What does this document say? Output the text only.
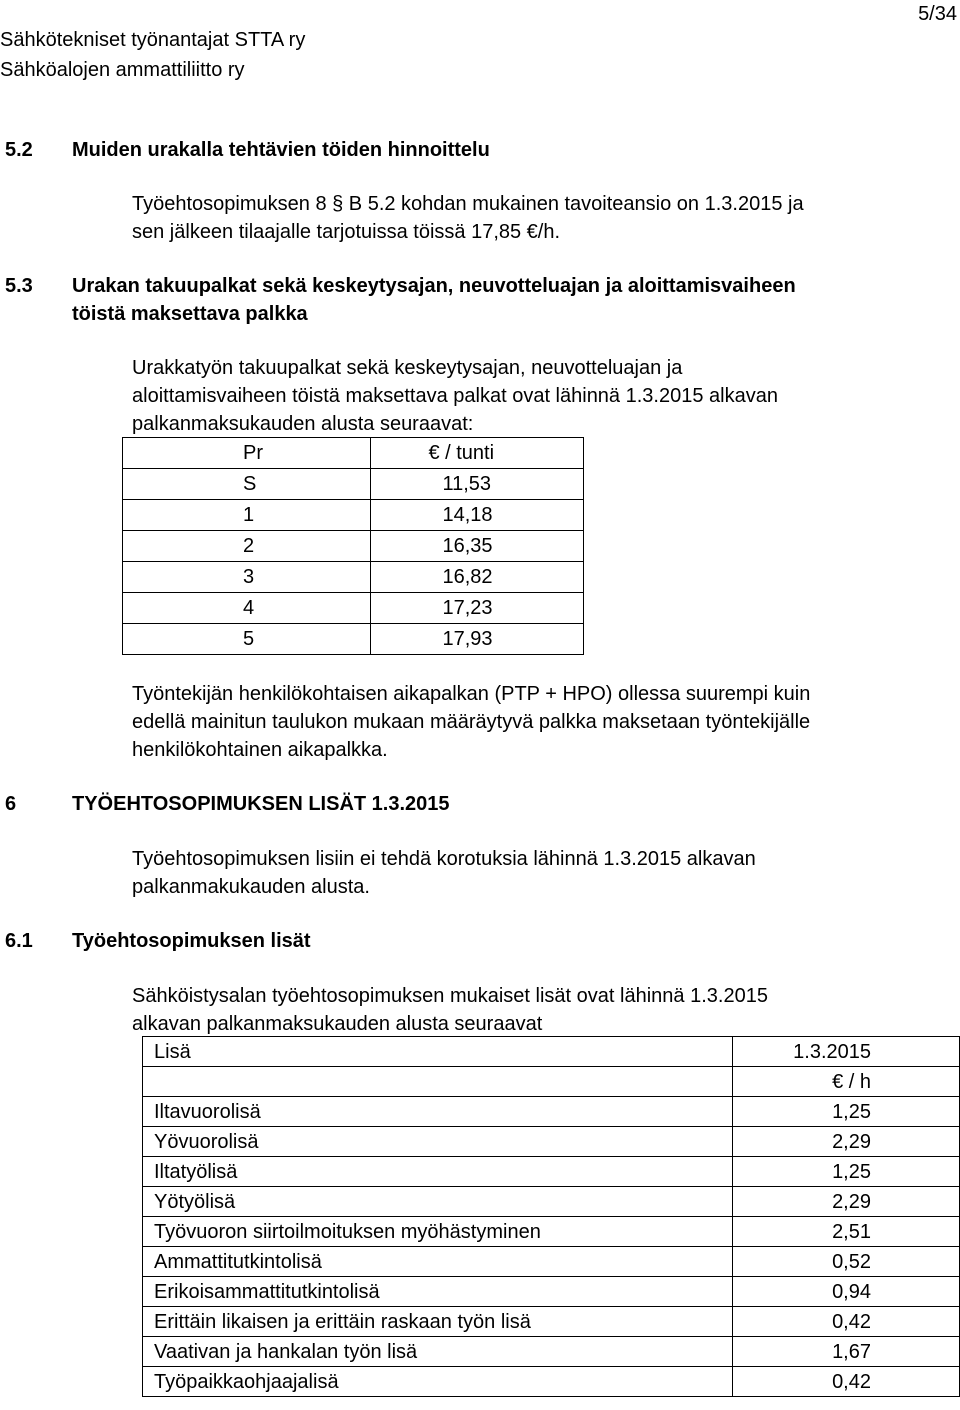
Sähkötekniset työnantajat STTA ry
Sähköalojen ammattiliitto ry
5/34
5.2 Muiden urakalla tehtävien töiden hinnoittelu
Työehtosopimuksen 8 § B 5.2 kohdan mukainen tavoiteansio on 1.3.2015 ja
sen jälkeen tilaajalle tarjotuissa töissä 17,85 €/h.
5.3 Urakan takuupalkat sekä keskeytysajan, neuvotteluajan ja aloittamisvaiheen
töistä maksettava palkka
Urakkatyön takuupalkat sekä keskeytysajan, neuvotteluajan ja
aloittamisvaiheen töistä maksettava palkat ovat lähinnä 1.3.2015 alkavan
palkanmaksukauden alusta seuraavat:
Pr	€ / tunti
S	11,53
1	14,18
2	16,35
3	16,82
4	17,23
5	17,93
Työntekijän henkilökohtaisen aikapalkan (PTP + HPO) ollessa suurempi kuin
edellä mainitun taulukon mukaan määräytyvä palkka maksetaan työntekijälle
henkilökohtainen aikapalkka.
6	TYÖEHTOSOPIMUKSEN LISÄT 1.3.2015
Työehtosopimuksen lisiin ei tehdä korotuksia lähinnä 1.3.2015 alkavan
palkanmakukauden alusta.
6.1 Työehtosopimuksen lisät
Sähköistysalan työehtosopimuksen mukaiset lisät ovat lähinnä 1.3.2015
alkavan palkanmaksukauden alusta seuraavat
Lisä	1.3.2015
	€ / h
Iltavuorolisä	1,25
Yövuorolisä	2,29
Iltatyölisä	1,25
Yötyölisä	2,29
Työvuoron siirtoilmoituksen myöhästyminen	2,51
Ammattitutkintolisä	0,52
Erikoisammattitutkintolisä	0,94
Erittäin likaisen ja erittäin raskaan työn lisä	0,42
Vaativan ja hankalan työn lisä	1,67
Työpaikkaohjaajalisä	0,42
